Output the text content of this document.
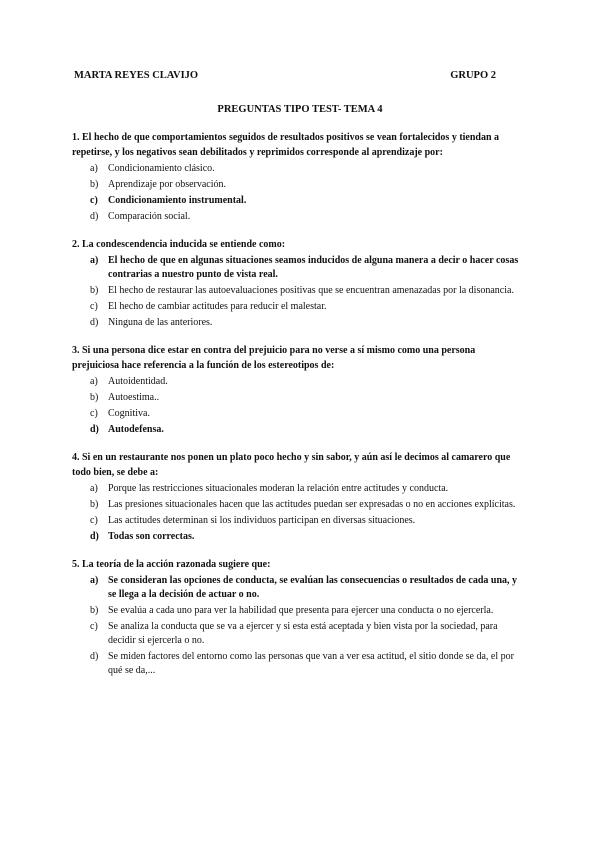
MARTA REYES CLAVIJO	GRUPO 2
PREGUNTAS TIPO TEST- TEMA 4
1. El hecho de que comportamientos seguidos de resultados positivos se vean fortalecidos y tiendan a repetirse, y los negativos sean debilitados y reprimidos corresponde al aprendizaje por:
a) Condicionamiento clásico.
b) Aprendizaje por observación.
c) Condicionamiento instrumental.
d) Comparación social.
2. La condescendencia inducida se entiende como:
a) El hecho de que en algunas situaciones seamos inducidos de alguna manera a decir o hacer cosas contrarias a nuestro punto de vista real.
b) El hecho de restaurar las autoevaluaciones positivas que se encuentran amenazadas por la disonancia.
c) El hecho de cambiar actitudes para reducir el malestar.
d) Ninguna de las anteriores.
3. Si una persona dice estar en contra del prejuicio para no verse a sí mismo como una persona prejuiciosa hace referencia a la función de los estereotipos de:
a) Autoidentidad.
b) Autoestima..
c) Cognitiva.
d) Autodefensa.
4. Si en un restaurante nos ponen un plato poco hecho y sin sabor, y aún así le decimos al camarero que todo bien, se debe a:
a) Porque las restricciones situacionales moderan la relación entre actitudes y conducta.
b) Las presiones situacionales hacen que las actitudes puedan ser expresadas o no en acciones explícitas.
c) Las actitudes determinan si los individuos participan en diversas situaciones.
d) Todas son correctas.
5. La teoría de la acción razonada sugiere que:
a) Se consideran las opciones de conducta, se evalúan las consecuencias o resultados de cada una, y se llega a la decisión de actuar o no.
b) Se evalúa a cada uno para ver la habilidad que presenta para ejercer una conducta o no ejercerla.
c) Se analiza la conducta que se va a ejercer y si esta está aceptada y bien vista por la sociedad, para decidir si ejercerla o no.
d) Se miden factores del entorno como las personas que van a ver esa actitud, el sitio donde se da, el por qué se da,...
